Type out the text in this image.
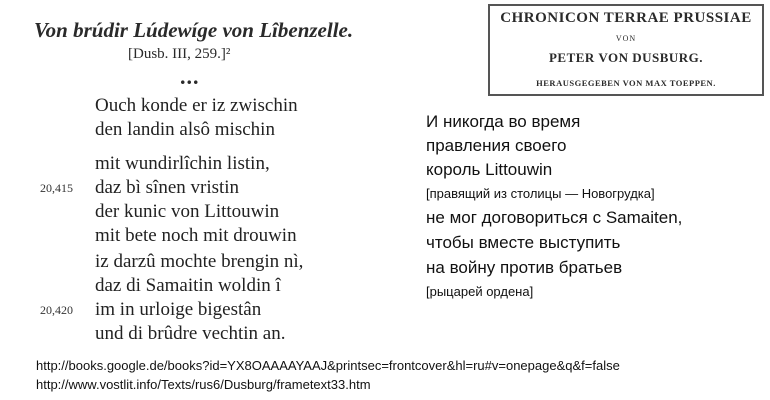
Von brúdir Lúdewíge von Lîbenzelle.
[Dusb. III, 259.]²
...
Ouch konde er iz zwischin
den landin alsô mischin
mit wundirlîchin listin,
daz bì sînen vristin
der kunic von Littouwin
mit bete noch mit drouwin
iz darzû mochte brengin nì,
daz di Samaitin woldin î
im in urloige bigestân
und di brûdre vechtin an.
20,415
20,420
CHRONICON TERRAE PRUSSIAE
VON
PETER VON DUSBURG.
HERAUSGEGEBEN VON MAX TOEPPEN.
И никогда во время
правления своего
король Littouwin
[правящий из столицы — Новогрудка]
не мог договориться с Samaiten,
чтобы вместе выступить
на войну против братьев
[рыцарей ордена]
http://books.google.de/books?id=YX8OAAAAYAAJ&printsec=frontcover&hl=ru#v=onepage&q&f=false
http://www.vostlit.info/Texts/rus6/Dusburg/frametext33.htm
